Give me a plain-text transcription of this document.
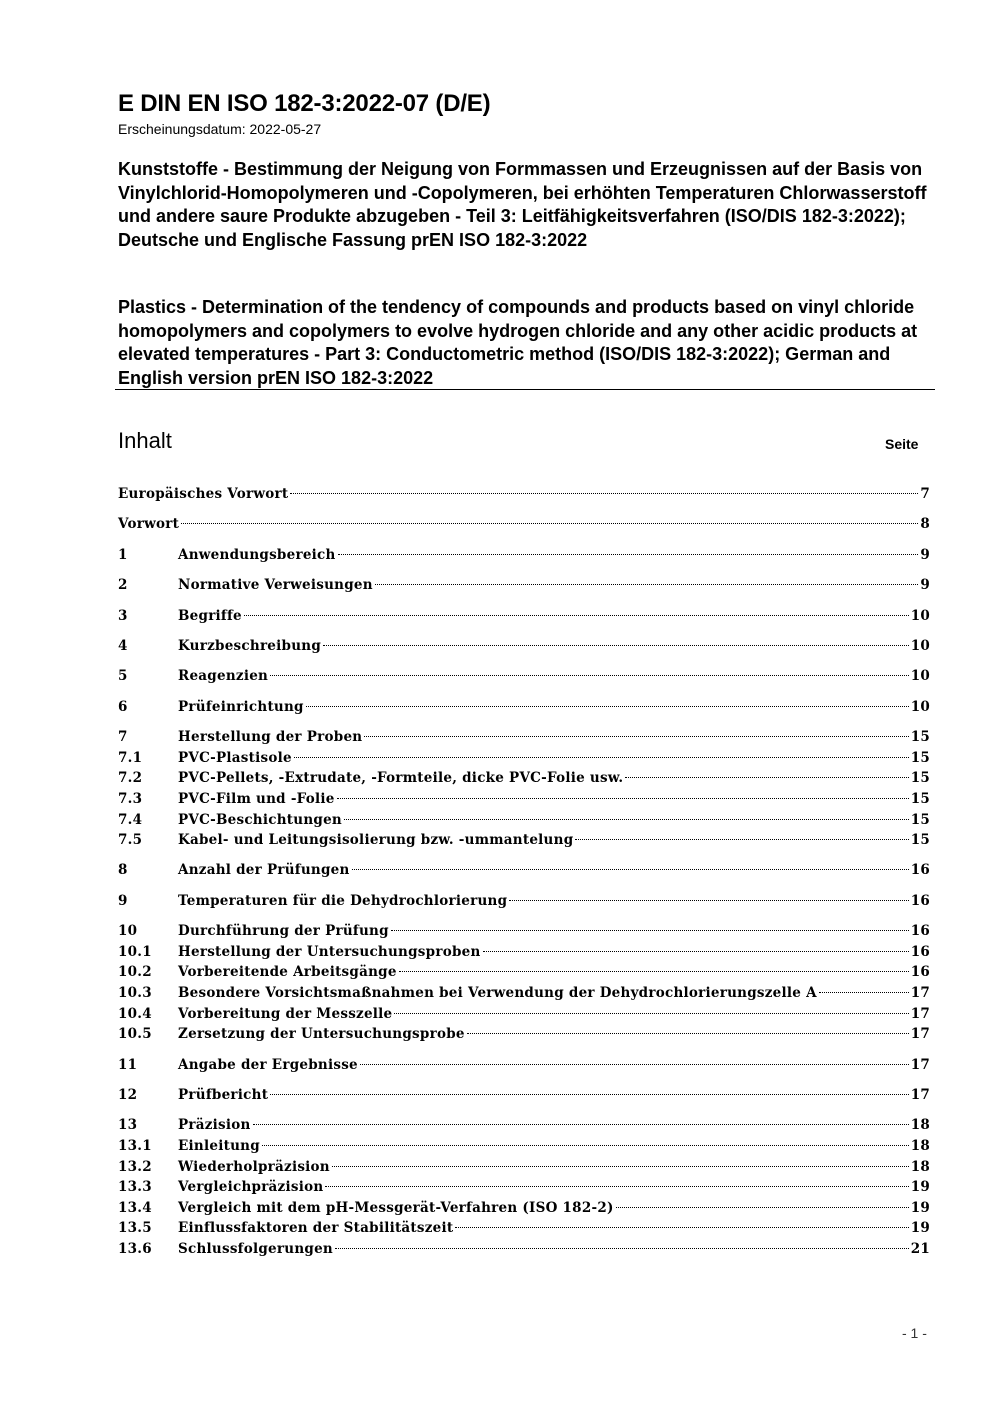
E DIN EN ISO 182-3:2022-07 (D/E)
Erscheinungsdatum: 2022-05-27

Kunststoffe - Bestimmung der Neigung von Formmassen und Erzeugnissen auf der Basis von Vinylchlorid-Homopolymeren und -Copolymeren, bei erhöhten Temperaturen Chlorwasserstoff und andere saure Produkte abzugeben - Teil 3: Leitfähigkeitsverfahren (ISO/DIS 182-3:2022); Deutsche und Englische Fassung prEN ISO 182-3:2022

Plastics - Determination of the tendency of compounds and products based on vinyl chloride homopolymers and copolymers to evolve hydrogen chloride and any other acidic products at elevated temperatures - Part 3: Conductometric method (ISO/DIS 182-3:2022); German and English version prEN ISO 182-3:2022

Inhalt	Seite
Europäisches Vorwort	7
Vorwort	8
1	Anwendungsbereich	9
2	Normative Verweisungen	9
3	Begriffe	10
4	Kurzbeschreibung	10
5	Reagenzien	10
6	Prüfeinrichtung	10
7	Herstellung der Proben	15
7.1	PVC-Plastisole	15
7.2	PVC-Pellets, -Extrudate, -Formteile, dicke PVC-Folie usw.	15
7.3	PVC-Film und -Folie	15
7.4	PVC-Beschichtungen	15
7.5	Kabel- und Leitungsisolierung bzw. -ummantelung	15
8	Anzahl der Prüfungen	16
9	Temperaturen für die Dehydrochlorierung	16
10	Durchführung der Prüfung	16
10.1	Herstellung der Untersuchungsproben	16
10.2	Vorbereitende Arbeitsgänge	16
10.3	Besondere Vorsichtsmaßnahmen bei Verwendung der Dehydrochlorierungszelle A	17
10.4	Vorbereitung der Messzelle	17
10.5	Zersetzung der Untersuchungsprobe	17
11	Angabe der Ergebnisse	17
12	Prüfbericht	17
13	Präzision	18
13.1	Einleitung	18
13.2	Wiederholpräzision	18
13.3	Vergleichpräzision	19
13.4	Vergleich mit dem pH-Messgerät-Verfahren (ISO 182-2)	19
13.5	Einflussfaktoren der Stabilitätszeit	19
13.6	Schlussfolgerungen	21
- 1 -
